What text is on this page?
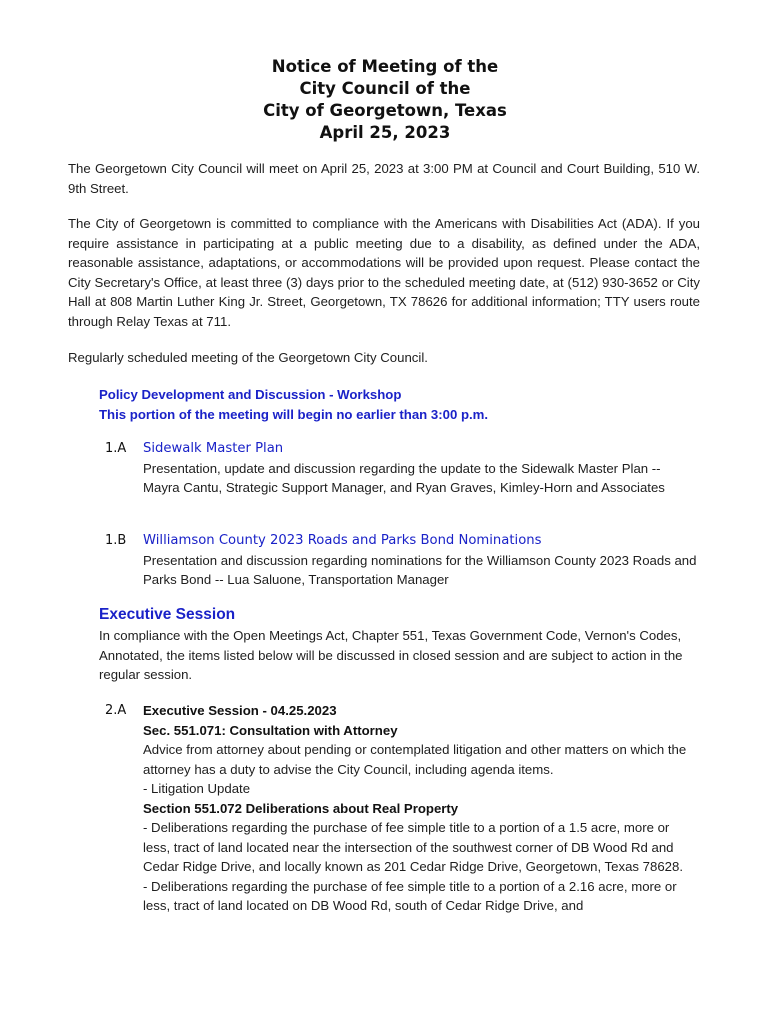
Notice of Meeting of the
City Council of the
City of Georgetown, Texas
April 25, 2023
The Georgetown City Council will meet on April 25, 2023 at 3:00 PM at Council and Court Building, 510 W. 9th Street.
The City of Georgetown is committed to compliance with the Americans with Disabilities Act (ADA). If you require assistance in participating at a public meeting due to a disability, as defined under the ADA, reasonable assistance, adaptations, or accommodations will be provided upon request. Please contact the City Secretary's Office, at least three (3) days prior to the scheduled meeting date, at (512) 930-3652 or City Hall at 808 Martin Luther King Jr. Street, Georgetown, TX 78626 for additional information; TTY users route through Relay Texas at 711.
Regularly scheduled meeting of the Georgetown City Council.
Policy Development and Discussion - Workshop
This portion of the meeting will begin no earlier than 3:00 p.m.
1.A	Sidewalk Master Plan
Presentation, update and discussion regarding the update to the Sidewalk Master Plan -- Mayra Cantu, Strategic Support Manager, and Ryan Graves, Kimley-Horn and Associates
1.B	Williamson County 2023 Roads and Parks Bond Nominations
Presentation and discussion regarding nominations for the Williamson County 2023 Roads and Parks Bond -- Lua Saluone, Transportation Manager
Executive Session
In compliance with the Open Meetings Act, Chapter 551, Texas Government Code, Vernon's Codes, Annotated, the items listed below will be discussed in closed session and are subject to action in the regular session.
2.A	Executive Session - 04.25.2023
Sec. 551.071: Consultation with Attorney
Advice from attorney about pending or contemplated litigation and other matters on which the attorney has a duty to advise the City Council, including agenda items.
- Litigation Update
Section 551.072 Deliberations about Real Property
- Deliberations regarding the purchase of fee simple title to a portion of a 1.5 acre, more or less, tract of land located near the intersection of the southwest corner of DB Wood Rd and Cedar Ridge Drive, and locally known as 201 Cedar Ridge Drive, Georgetown, Texas 78628.
- Deliberations regarding the purchase of fee simple title to a portion of a 2.16 acre, more or less, tract of land located on DB Wood Rd, south of Cedar Ridge Drive, and
